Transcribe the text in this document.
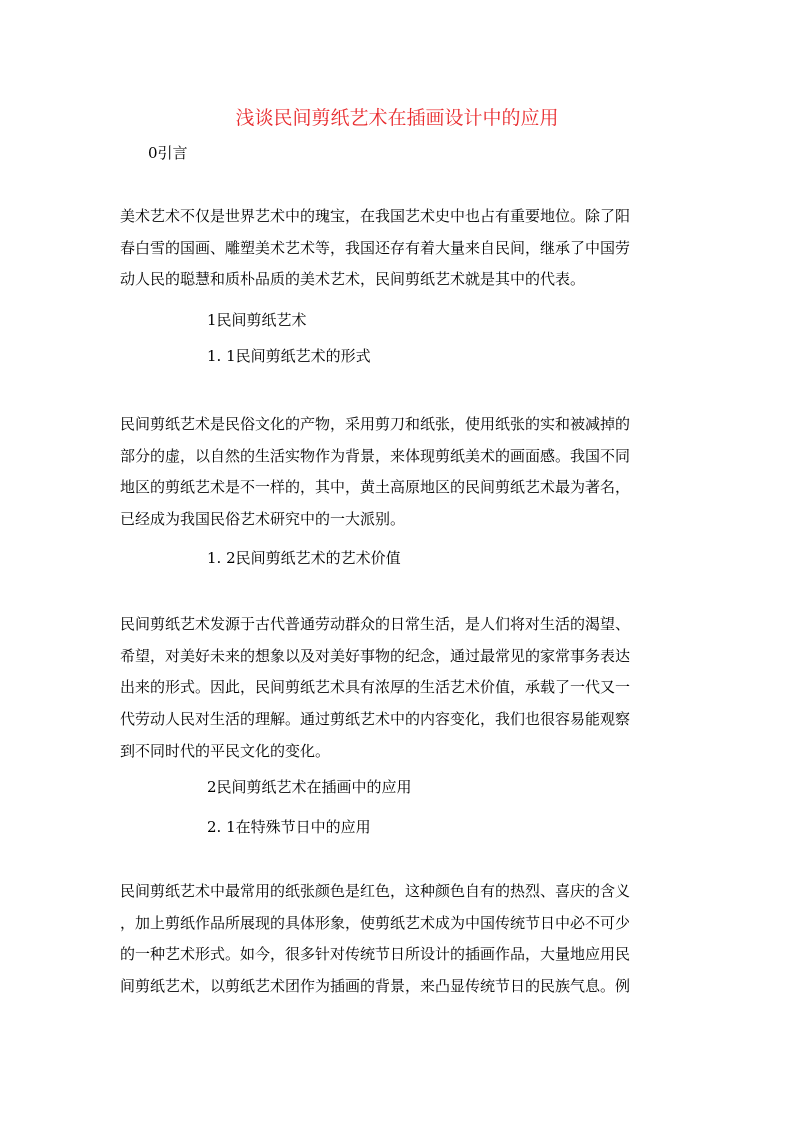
浅谈民间剪纸艺术在插画设计中的应用
0引言

美术艺术不仅是世界艺术中的瑰宝，在我国艺术史中也占有重要地位。除了阳

春白雪的国画、雕塑美术艺术等，我国还存有着大量来自民间，继承了中国劳

动人民的聪慧和质朴品质的美术艺术，民间剪纸艺术就是其中的代表。

1民间剪纸艺术
1. 1民间剪纸艺术的形式

民间剪纸艺术是民俗文化的产物，采用剪刀和纸张，使用纸张的实和被减掉的

部分的虚，以自然的生活实物作为背景，来体现剪纸美术的画面感。我国不同

地区的剪纸艺术是不一样的，其中，黄土高原地区的民间剪纸艺术最为著名，

已经成为我国民俗艺术研究中的一大派别。

1. 2民间剪纸艺术的艺术价值

民间剪纸艺术发源于古代普通劳动群众的日常生活，是人们将对生活的渴望、

希望，对美好未来的想象以及对美好事物的纪念，通过最常见的家常事务表达

出来的形式。因此，民间剪纸艺术具有浓厚的生活艺术价值，承载了一代又一

代劳动人民对生活的理解。通过剪纸艺术中的内容变化，我们也很容易能观察

到不同时代的平民文化的变化。

2民间剪纸艺术在插画中的应用
2. 1在特殊节日中的应用

民间剪纸艺术中最常用的纸张颜色是红色，这种颜色自有的热烈、喜庆的含义

，加上剪纸作品所展现的具体形象，使剪纸艺术成为中国传统节日中必不可少

的一种艺术形式。如今，很多针对传统节日所设计的插画作品，大量地应用民

间剪纸艺术，以剪纸艺术团作为插画的背景，来凸显传统节日的民族气息。例
